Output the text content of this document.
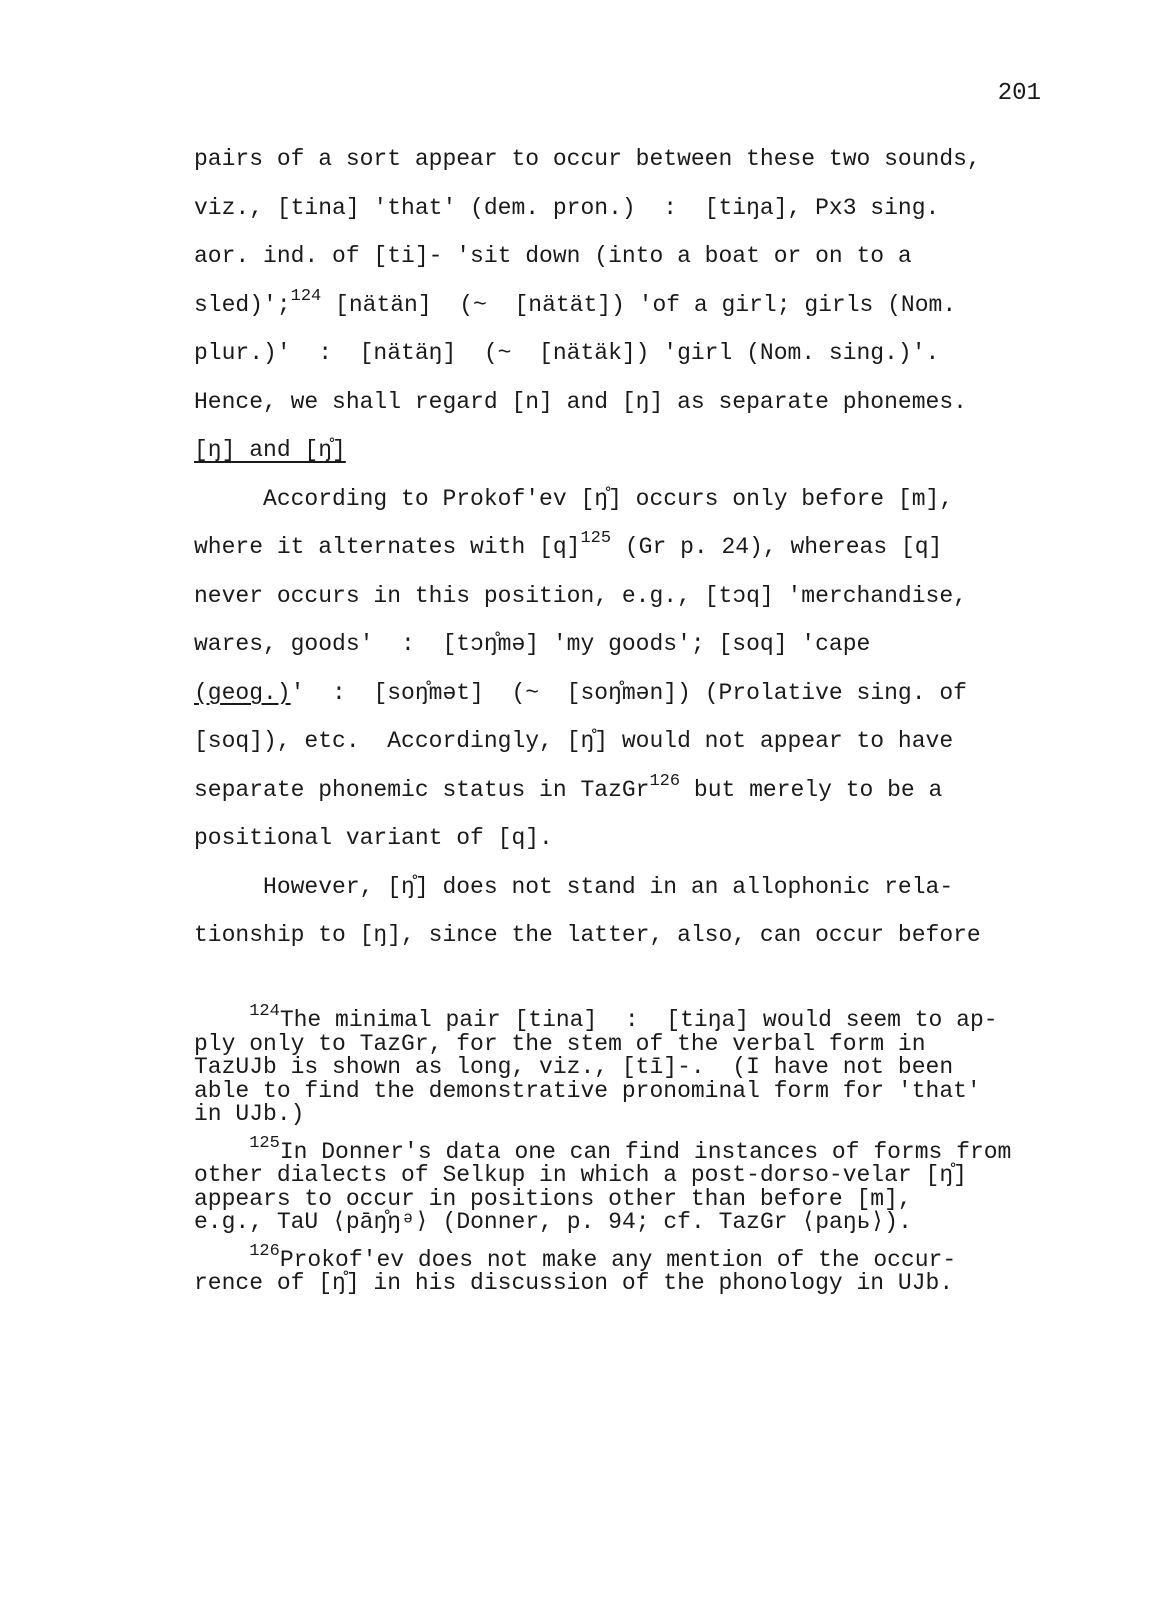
201
pairs of a sort appear to occur between these two sounds,
viz., [tina] 'that' (dem. pron.)  :  [tiŋa], Px3 sing.
aor. ind. of [ti]- 'sit down (into a boat or on to a
sled)';$^{124}$ [nätän]  (~  [nätät]) 'of a girl; girls (Nom.
plur.)'  :  [nätäŋ]  (~  [nätäk]) 'girl (Nom. sing.)'.
Hence, we shall regard [n] and [ŋ] as separate phonemes.
[ŋ] and [ŋ̊]
According to Prokof'ev [ŋ̊] occurs only before [m],
where it alternates with $[q]^{125}$ (Gr p. 24), whereas [q]
never occurs in this position, e.g., [tɔq] 'merchandise,
wares, goods'  :  [tɔŋ̊mə] 'my goods'; [soq] 'cape
(geog.)'  :  [soŋ̊mət]  (~  [soŋ̊mən]) (Prolative sing. of
[soq]), etc.  Accordingly, [ŋ̊] would not appear to have
separate phonemic status in TazGr$^{126}$ but merely to be a
positional variant of [q].
However, [ŋ̊] does not stand in an allophonic rela-
tionship to [ŋ], since the latter, also, can occur before
$^{124}$The minimal pair [tina]  :  [tiŋa] would seem to ap-
ply only to TazGr, for the stem of the verbal form in
TazUJb is shown as long, viz., [tī]-.  (I have not been
able to find the demonstrative pronominal form for 'that'
in UJb.)
$^{125}$In Donner's data one can find instances of forms from
other dialects of Selkup in which a post-dorso-velar [ŋ̊]
appears to occur in positions other than before [m],
e.g., TaU ⟨pāŋ̊ŋᵊ⟩ (Donner, p. 94; cf. TazGr ⟨paŋь⟩).
$^{126}$Prokof'ev does not make any mention of the occur-
rence of [ŋ̊] in his discussion of the phonology in UJb.
